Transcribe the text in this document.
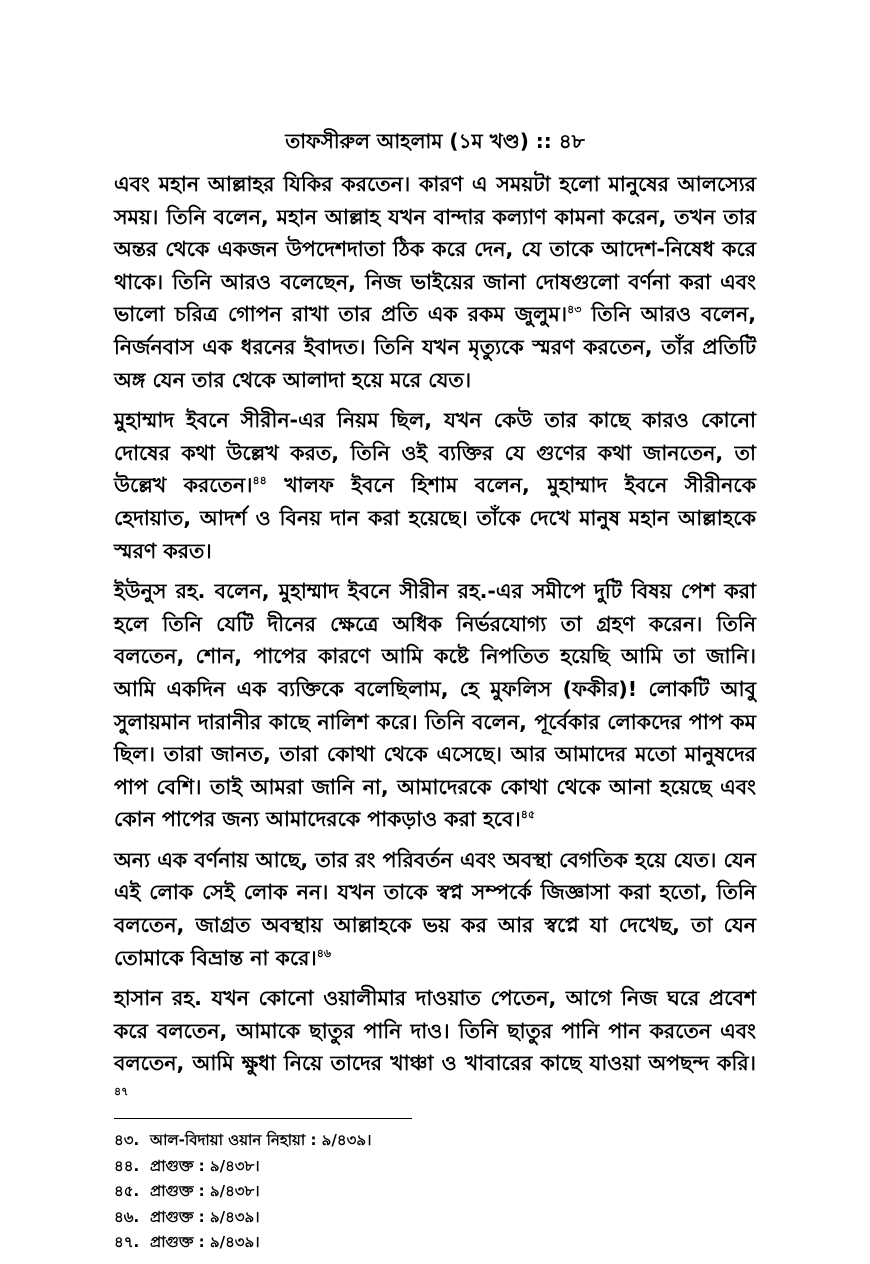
তাফসীরুল আহলাম (১ম খণ্ড) :: ৪৮

এবং মহান আল্লাহর যিকির করতেন। কারণ এ সময়টা হলো মানুষের আলস্যের সময়। তিনি বলেন, মহান আল্লাহ যখন বান্দার কল্যাণ কামনা করেন, তখন তার অন্তর থেকে একজন উপদেশদাতা ঠিক করে দেন, যে তাকে আদেশ-নিষেধ করে থাকে। তিনি আরও বলেছেন, নিজ ভাইয়ের জানা দোষগুলো বর্ণনা করা এবং ভালো চরিত্র গোপন রাখা তার প্রতি এক রকম জুলুম।$^{৪৩}$ তিনি আরও বলেন, নির্জনবাস এক ধরনের ইবাদত। তিনি যখন মৃত্যুকে স্মরণ করতেন, তাঁর প্রতিটি অঙ্গ যেন তার থেকে আলাদা হয়ে মরে যেত।

মুহাম্মাদ ইবনে সীরীন-এর নিয়ম ছিল, যখন কেউ তার কাছে কারও কোনো দোষের কথা উল্লেখ করত, তিনি ওই ব্যক্তির যে গুণের কথা জানতেন, তা উল্লেখ করতেন।$^{৪৪}$ খালফ ইবনে হিশাম বলেন, মুহাম্মাদ ইবনে সীরীনকে হেদায়াত, আদর্শ ও বিনয় দান করা হয়েছে। তাঁকে দেখে মানুষ মহান আল্লাহকে স্মরণ করত।

ইউনুস রহ. বলেন, মুহাম্মাদ ইবনে সীরীন রহ.-এর সমীপে দুটি বিষয় পেশ করা হলে তিনি যেটি দীনের ক্ষেত্রে অধিক নির্ভরযোগ্য তা গ্রহণ করেন। তিনি বলতেন, শোন, পাপের কারণে আমি কষ্টে নিপতিত হয়েছি আমি তা জানি। আমি একদিন এক ব্যক্তিকে বলেছিলাম, হে মুফলিস (ফকীর)! লোকটি আবু সুলায়মান দারানীর কাছে নালিশ করে। তিনি বলেন, পূর্বেকার লোকদের পাপ কম ছিল। তারা জানত, তারা কোথা থেকে এসেছে। আর আমাদের মতো মানুষদের পাপ বেশি। তাই আমরা জানি না, আমাদেরকে কোথা থেকে আনা হয়েছে এবং কোন পাপের জন্য আমাদেরকে পাকড়াও করা হবে।$^{৪৫}$

অন্য এক বর্ণনায় আছে, তার রং পরিবর্তন এবং অবস্থা বেগতিক হয়ে যেত। যেন এই লোক সেই লোক নন। যখন তাকে স্বপ্ন সম্পর্কে জিজ্ঞাসা করা হতো, তিনি বলতেন, জাগ্রত অবস্থায় আল্লাহকে ভয় কর আর স্বপ্নে যা দেখেছ, তা যেন তোমাকে বিভ্রান্ত না করে।$^{৪৬}$

হাসান রহ. যখন কোনো ওয়ালীমার দাওয়াত পেতেন, আগে নিজ ঘরে প্রবেশ করে বলতেন, আমাকে ছাতুর পানি দাও। তিনি ছাতুর পানি পান করতেন এবং বলতেন, আমি ক্ষুধা নিয়ে তাদের খাঞ্চা ও খাবারের কাছে যাওয়া অপছন্দ করি।$^{৪৭}$

৪৩. আল-বিদায়া ওয়ান নিহায়া : ৯/৪৩৯।
৪৪. প্রাগুক্ত : ৯/৪৩৮।
৪৫. প্রাগুক্ত : ৯/৪৩৮।
৪৬. প্রাগুক্ত : ৯/৪৩৯।
৪৭. প্রাগুক্ত : ৯/৪৩৯।
